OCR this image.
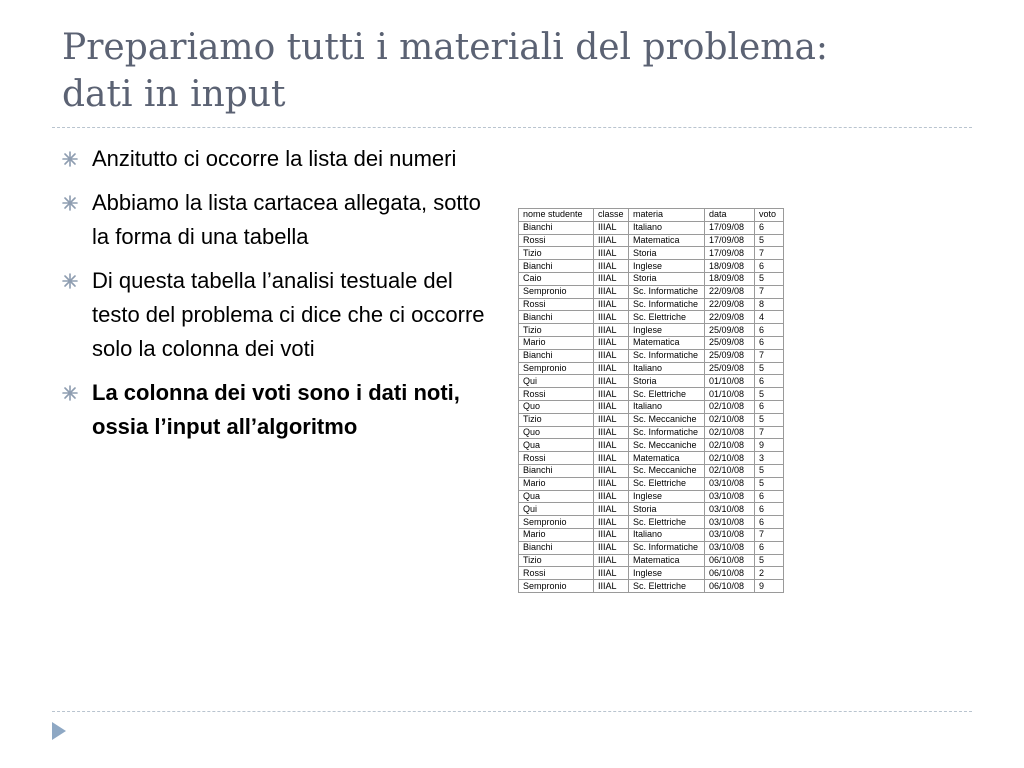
Prepariamo tutti i materiali del problema:
dati in input
Anzitutto ci occorre la lista dei numeri
Abbiamo la lista cartacea allegata, sotto la forma di una tabella
Di questa tabella l’analisi testuale del testo del problema ci dice che ci occorre solo la colonna dei voti
La colonna dei voti sono i dati noti, ossia l’input all’algoritmo
nome studente	classe	materia	data	voto
Bianchi	IIIAL	Italiano	17/09/08	6
Rossi	IIIAL	Matematica	17/09/08	5
Tizio	IIIAL	Storia	17/09/08	7
Bianchi	IIIAL	Inglese	18/09/08	6
Caio	IIIAL	Storia	18/09/08	5
Sempronio	IIIAL	Sc. Informatiche	22/09/08	7
Rossi	IIIAL	Sc. Informatiche	22/09/08	8
Bianchi	IIIAL	Sc. Elettriche	22/09/08	4
Tizio	IIIAL	Inglese	25/09/08	6
Mario	IIIAL	Matematica	25/09/08	6
Bianchi	IIIAL	Sc. Informatiche	25/09/08	7
Sempronio	IIIAL	Italiano	25/09/08	5
Qui	IIIAL	Storia	01/10/08	6
Rossi	IIIAL	Sc. Elettriche	01/10/08	5
Quo	IIIAL	Italiano	02/10/08	6
Tizio	IIIAL	Sc. Meccaniche	02/10/08	5
Quo	IIIAL	Sc. Informatiche	02/10/08	7
Qua	IIIAL	Sc. Meccaniche	02/10/08	9
Rossi	IIIAL	Matematica	02/10/08	3
Bianchi	IIIAL	Sc. Meccaniche	02/10/08	5
Mario	IIIAL	Sc. Elettriche	03/10/08	5
Qua	IIIAL	Inglese	03/10/08	6
Qui	IIIAL	Storia	03/10/08	6
Sempronio	IIIAL	Sc. Elettriche	03/10/08	6
Mario	IIIAL	Italiano	03/10/08	7
Bianchi	IIIAL	Sc. Informatiche	03/10/08	6
Tizio	IIIAL	Matematica	06/10/08	5
Rossi	IIIAL	Inglese	06/10/08	2
Sempronio	IIIAL	Sc. Elettriche	06/10/08	9
